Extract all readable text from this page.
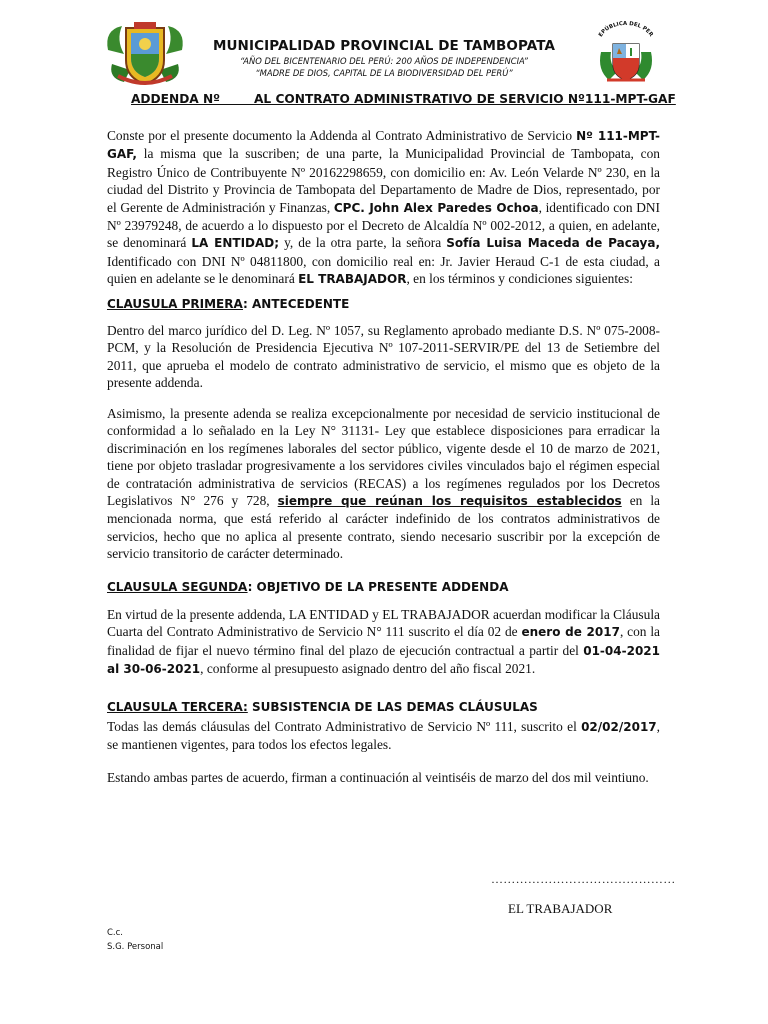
EPÚBLICA DEL PER
MUNICIPALIDAD PROVINCIAL DE TAMBOPATA
“AÑO DEL BICENTENARIO DEL PERÚ: 200 AÑOS DE INDEPENDENCIA”
“MADRE DE DIOS, CAPITAL DE LA BIODIVERSIDAD DEL PERÚ”
ADDENDA Nº        AL CONTRATO ADMINISTRATIVO DE SERVICIO Nº111-MPT-GAF

Conste por el presente documento la Addenda al Contrato Administrativo de Servicio Nº 111-MPT-GAF, la misma que la suscriben; de una parte, la Municipalidad Provincial de Tambopata, con Registro Único de Contribuyente Nº 20162298659, con domicilio en: Av. León Velarde Nº 230, en la ciudad del Distrito y Provincia de Tambopata del Departamento de Madre de Dios, representado, por el Gerente de Administración y Finanzas, CPC. John Alex Paredes Ochoa, identificado con DNI Nº 23979248, de acuerdo a lo dispuesto por el Decreto de Alcaldía Nº 002-2012, a quien, en adelante, se denominará LA ENTIDAD; y, de la otra parte, la señora Sofía Luisa Maceda de Pacaya, Identificado con DNI Nº 04811800, con domicilio real en: Jr. Javier Heraud C-1 de esta ciudad, a quien en adelante se le denominará EL TRABAJADOR, en los términos y condiciones siguientes:

CLAUSULA PRIMERA: ANTECEDENTE

Dentro del marco jurídico del D. Leg. Nº 1057, su Reglamento aprobado mediante D.S. Nº 075-2008-PCM, y la Resolución de Presidencia Ejecutiva Nº 107-2011-SERVIR/PE del 13 de Setiembre del 2011, que aprueba el modelo de contrato administrativo de servicio, el mismo que es objeto de la presente addenda.

Asimismo, la presente adenda se realiza excepcionalmente por necesidad de servicio institucional de conformidad a lo señalado en la Ley N° 31131- Ley que establece disposiciones para erradicar la discriminación en los regímenes laborales del sector público, vigente desde el 10 de marzo de 2021, tiene por objeto trasladar progresivamente a los servidores civiles vinculados bajo el régimen especial de contratación administrativa de servicios (RECAS) a los regímenes regulados por los Decretos Legislativos N° 276 y 728, siempre que reúnan los requisitos establecidos en la mencionada norma, que está referido al carácter indefinido de los contratos administrativos de servicios, hecho que no aplica al presente contrato, siendo necesario suscribir por la excepción de servicio transitorio de carácter determinado.

CLAUSULA SEGUNDA: OBJETIVO DE LA PRESENTE ADDENDA

En virtud de la presente addenda, LA ENTIDAD y EL TRABAJADOR acuerdan modificar la Cláusula Cuarta del Contrato Administrativo de Servicio N° 111 suscrito el día 02 de enero de 2017, con la finalidad de fijar el nuevo término final del plazo de ejecución contractual a partir del 01-04-2021 al 30-06-2021, conforme al presupuesto asignado dentro del año fiscal 2021.

CLAUSULA TERCERA: SUBSISTENCIA DE LAS DEMAS CLÁUSULAS

Todas las demás cláusulas del Contrato Administrativo de Servicio Nº 111, suscrito el 02/02/2017, se mantienen vigentes, para todos los efectos legales.

Estando ambas partes de acuerdo, firman a continuación al veintiséis de marzo del dos mil veintiuno.

………………………………………
EL TRABAJADOR
C.c.
S.G. Personal
